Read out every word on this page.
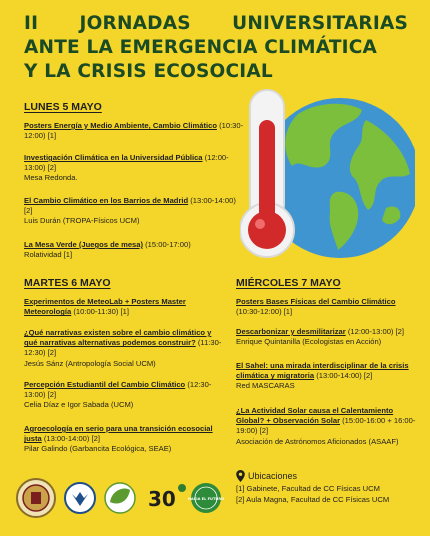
II JORNADAS UNIVERSITARIAS
ANTE LA EMERGENCIA CLIMÁTICA
Y LA CRISIS ECOSOCIAL
LUNES 5 MAYO
Posters Energía y Medio Ambiente, Cambio Climático (10:30-12:00) [1]
Investigación Climática en la Universidad Pública (12:00-13:00) [2]
Mesa Redonda.
El Cambio Climático en los Barrios de Madrid (13:00-14:00) [2]
Luis Durán (TROPA-Físicos UCM)
La Mesa Verde (Juegos de mesa) (15:00-17:00)
Rolatividad [1]
MARTES 6 MAYO
Experimentos de MeteoLab + Posters Master Meteorología (10:00-11:30) [1]
¿Qué narrativas existen sobre el cambio climático y qué narrativas alternativas podemos construir? (11:30-12:30) [2]
Jesús Sánz (Antropología Social UCM)
Percepción Estudiantil del Cambio Climático (12:30-13:00) [2]
Celia Díaz e Igor Sabada (UCM)
Agroecología en serio para una transición ecosocial justa (13:00-14:00) [2]
Pilar Galindo (Garbancita Ecológica, SEAE)
MIÉRCOLES 7 MAYO
Posters Bases Físicas del Cambio Climático (10:30-12:00) [1]
Descarbonizar y desmilitarizar (12:00-13:00) [2]
Enrique Quintanilla (Ecologistas en Acción)
El Sahel: una mirada interdisciplinar de la crisis climática y migratoria (13:00-14:00) [2]
Red MASCARAS
¿La Actividad Solar causa el Calentamiento Global? + Observación Solar (15:00-16:00 + 16:00-19:00) [2]
Asociación de Astrónomos Aficionados (ASAAF)
Ubicaciones
[1] Gabinete, Facultad de CC Físicas UCM
[2] Aula Magna, Facultad de CC Físicas UCM
30	HACIA EL FUTURO
